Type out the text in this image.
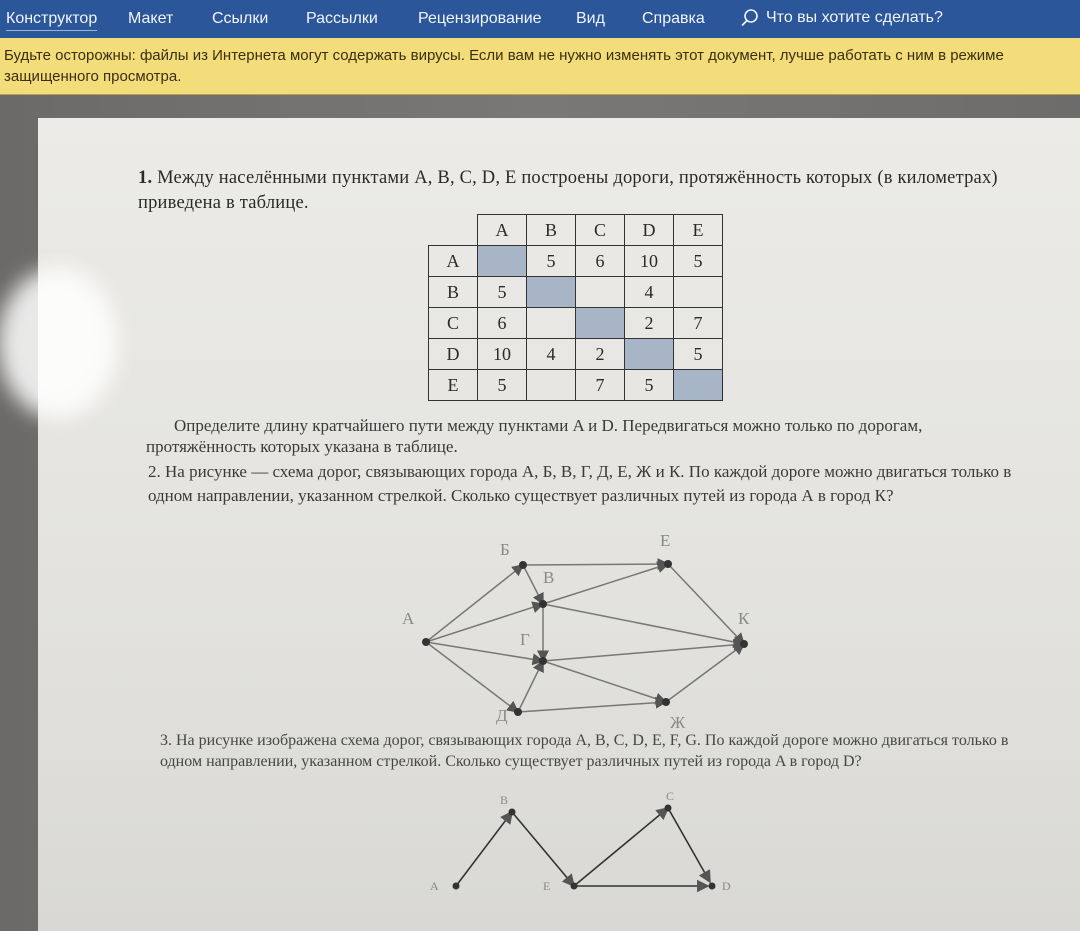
Конструктор Макет Ссылки Рассылки	Рецензирование Вид Справка	Что вы хотите сделать?
Будьте осторожны: файлы из Интернета могут содержать вирусы. Если вам не нужно изменять этот документ, лучше работать с ним в режиме
защищенного просмотра.
1. Между населёнными пунктами A, B, C, D, E построены дороги, протяжённость которых (в километрах) приведена в таблице.
	A	B	C	D	E
A		5	6	10	5
B	5			4	
C	6			2	7
D	10	4	2		5
E	5		7	5	
Определите длину кратчайшего пути между пунктами A и D. Передвигаться можно только по дорогам, протяжённость которых указана в таблице.
2. На рисунке — схема дорог, связывающих города А, Б, В, Г, Д, Е, Ж и К. По каждой дороге можно двигаться только в одном направлении, указанном стрелкой. Сколько существует различных путей из города А в город К?
А
Б
В
Г
Д
Е
Ж
К
A
B
E
C
D
3. На рисунке изображена схема дорог, связывающих города A, B, C, D, E, F, G. По каждой дороге можно двигаться только в одном направлении, указанном стрелкой. Сколько существует различных путей из города A в город D?
